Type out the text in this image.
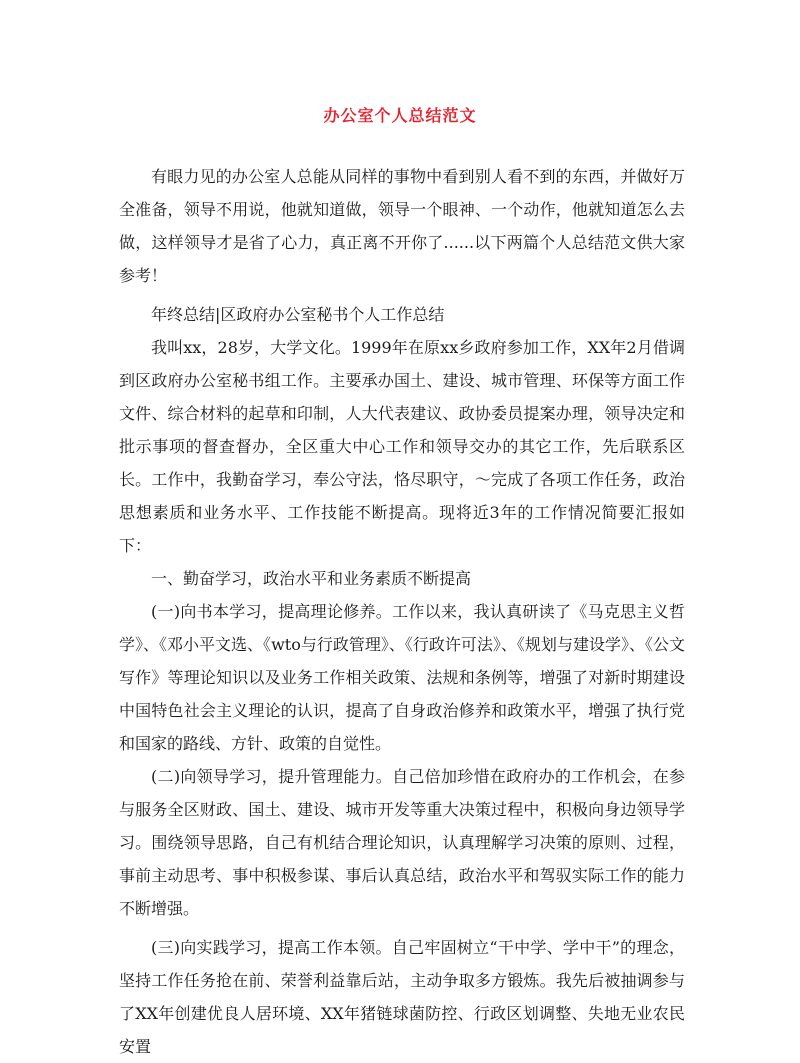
办公室个人总结范文

有眼力见的办公室人总能从同样的事物中看到别人看不到的东西，并做好万全准备，领导不用说，他就知道做，领导一个眼神、一个动作，他就知道怎么去做，这样领导才是省了心力，真正离不开你了......以下两篇个人总结范文供大家参考！

年终总结|区政府办公室秘书个人工作总结

我叫xx，28岁，大学文化。1999年在原xx乡政府参加工作，XX年2月借调到区政府办公室秘书组工作。主要承办国土、建设、城市管理、环保等方面工作文件、综合材料的起草和印制，人大代表建议、政协委员提案办理，领导决定和批示事项的督查督办，全区重大中心工作和领导交办的其它工作，先后联系区长。工作中，我勤奋学习，奉公守法，恪尽职守，～完成了各项工作任务，政治思想素质和业务水平、工作技能不断提高。现将近3年的工作情况简要汇报如下：

一、勤奋学习，政治水平和业务素质不断提高

(一)向书本学习，提高理论修养。工作以来，我认真研读了《马克思主义哲学》、《邓小平文选、《wto与行政管理》、《行政许可法》、《规划与建设学》、《公文写作》等理论知识以及业务工作相关政策、法规和条例等，增强了对新时期建设中国特色社会主义理论的认识，提高了自身政治修养和政策水平，增强了执行党和国家的路线、方针、政策的自觉性。

(二)向领导学习，提升管理能力。自己倍加珍惜在政府办的工作机会，在参与服务全区财政、国土、建设、城市开发等重大决策过程中，积极向身边领导学习。围绕领导思路，自己有机结合理论知识，认真理解学习决策的原则、过程，事前主动思考、事中积极参谋、事后认真总结，政治水平和驾驭实际工作的能力不断增强。

(三)向实践学习，提高工作本领。自己牢固树立“干中学、学中干”的理念，坚持工作任务抢在前、荣誉利益靠后站，主动争取多方锻炼。我先后被抽调参与了XX年创建优良人居环境、XX年猪链球菌防控、行政区划调整、失地无业农民安置
